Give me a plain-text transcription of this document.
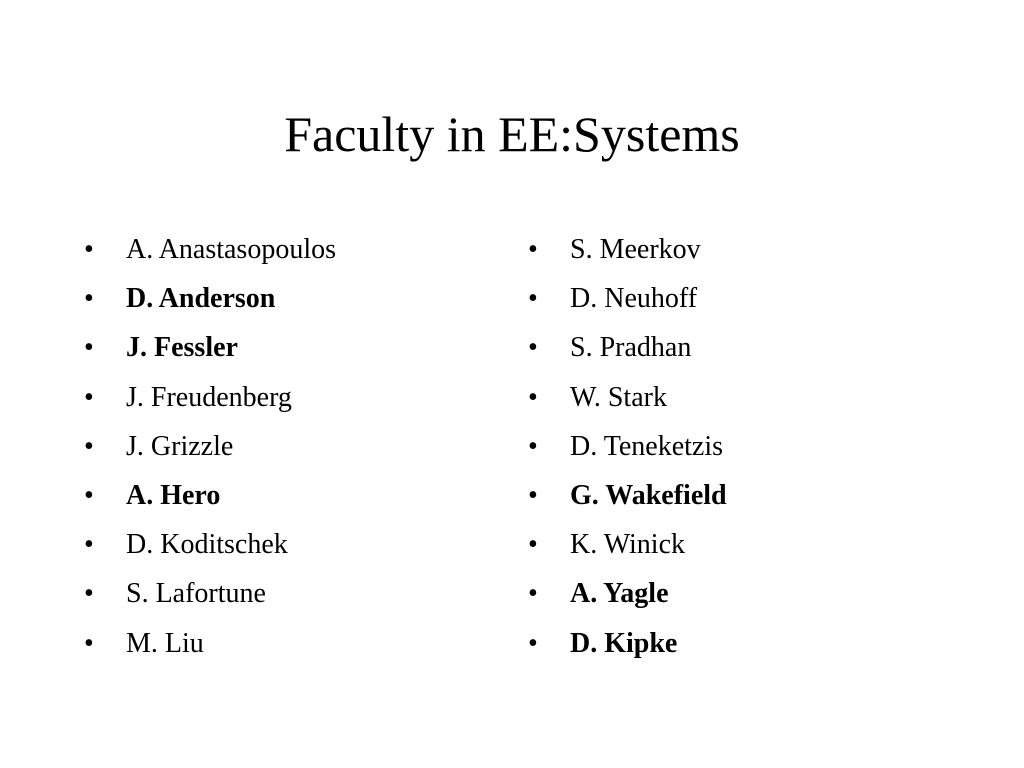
Faculty in EE:Systems
•	A. Anastasopoulos
•	D. Anderson
•	J. Fessler
•	J. Freudenberg
•	J. Grizzle
•	A. Hero
•	D. Koditschek
•	S. Lafortune
•	M. Liu
•	S. Meerkov
•	D. Neuhoff
•	S. Pradhan
•	W. Stark
•	D. Teneketzis
•	G. Wakefield
•	K. Winick
•	A. Yagle
•	D. Kipke
